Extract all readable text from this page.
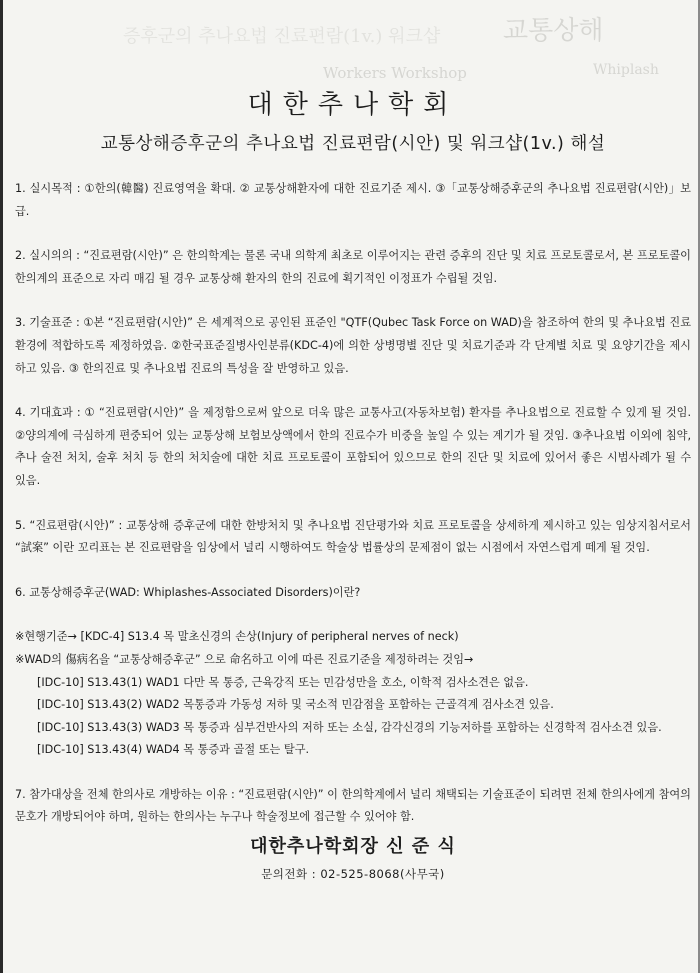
교통상해
Whiplash
Workers Workshop
증후군의 추나요법 진료편람(1v.) 워크샵
대한추나학회
교통상해증후군의 추나요법 진료편람(시안) 및 워크샵(1v.) 해설

1. 실시목적 : ①한의(韓醫) 진료영역을 확대. ② 교통상해환자에 대한 진료기준 제시. ③「교통상해증후군의 추나요법 진료편람(시안)」보급.

2. 실시의의 : “진료편람(시안)” 은 한의학계는 물론 국내 의학계 최초로 이루어지는 관련 증후의 진단 및 치료 프로토콜로서, 본 프로토콜이 한의계의 표준으로 자리 매김 될 경우 교통상해 환자의 한의 진료에 획기적인 이정표가 수립될 것임.

3. 기술표준 : ①본 “진료편람(시안)” 은 세계적으로 공인된 표준인 "QTF(Qubec Task Force on WAD)을 참조하여 한의 및 추나요법 진료환경에 적합하도록 제정하였음. ②한국표준질병사인분류(KDC-4)에 의한 상병명별 진단 및 치료기준과 각 단계별 치료 및 요양기간을 제시하고 있음. ③ 한의진료 및 추나요법 진료의 특성을 잘 반영하고 있음.

4. 기대효과 : ① “진료편람(시안)” 을 제정함으로써 앞으로 더욱 많은 교통사고(자동차보험) 환자를 추나요법으로 진료할 수 있게 될 것임. ②양의계에 극심하게 편중되어 있는 교통상해 보험보상액에서 한의 진료수가 비중을 높일 수 있는 계기가 될 것임. ③추나요법 이외에 침약, 추나 술전 처치, 술후 처치 등 한의 처치술에 대한 치료 프로토콜이 포함되어 있으므로 한의 진단 및 치료에 있어서 좋은 시범사례가 될 수 있음.

5. “진료편람(시안)” : 교통상해 증후군에 대한 한방처치 및 추나요법 진단평가와 치료 프로토콜을 상세하게 제시하고 있는 임상지침서로서 “試案” 이란 꼬리표는 본 진료편람을 임상에서 널리 시행하여도 학술상 법률상의 문제점이 없는 시점에서 자연스럽게 떼게 될 것임.

6. 교통상해증후군(WAD: Whiplashes-Associated Disorders)이란?

※현행기준→ [KDC-4] S13.4 목 말초신경의 손상(Injury of peripheral nerves of neck)

※WAD의 傷病名을 “교통상해증후군” 으로 命名하고 이에 따른 진료기준을 제정하려는 것임→

[IDC-10] S13.43(1) WAD1 다만 목 통증, 근육강직 또는 민감성만을 호소, 이학적 검사소견은 없음.

[IDC-10] S13.43(2) WAD2 목통증과 가동성 저하 및 국소적 민감점을 포함하는 근골격계 검사소견 있음.

[IDC-10] S13.43(3) WAD3 목 통증과 심부건반사의 저하 또는 소실, 감각신경의 기능저하를 포함하는 신경학적 검사소견 있음.

[IDC-10] S13.43(4) WAD4 목 통증과 골절 또는 탈구.

7. 참가대상을 전체 한의사로 개방하는 이유 : “진료편람(시안)” 이 한의학계에서 널리 채택되는 기술표준이 되려면 전체 한의사에게 참여의 문호가 개방되어야 하며, 원하는 한의사는 누구나 학술정보에 접근할 수 있어야 함.

대한추나학회장 신 준 식
문의전화 : 02-525-8068(사무국)
